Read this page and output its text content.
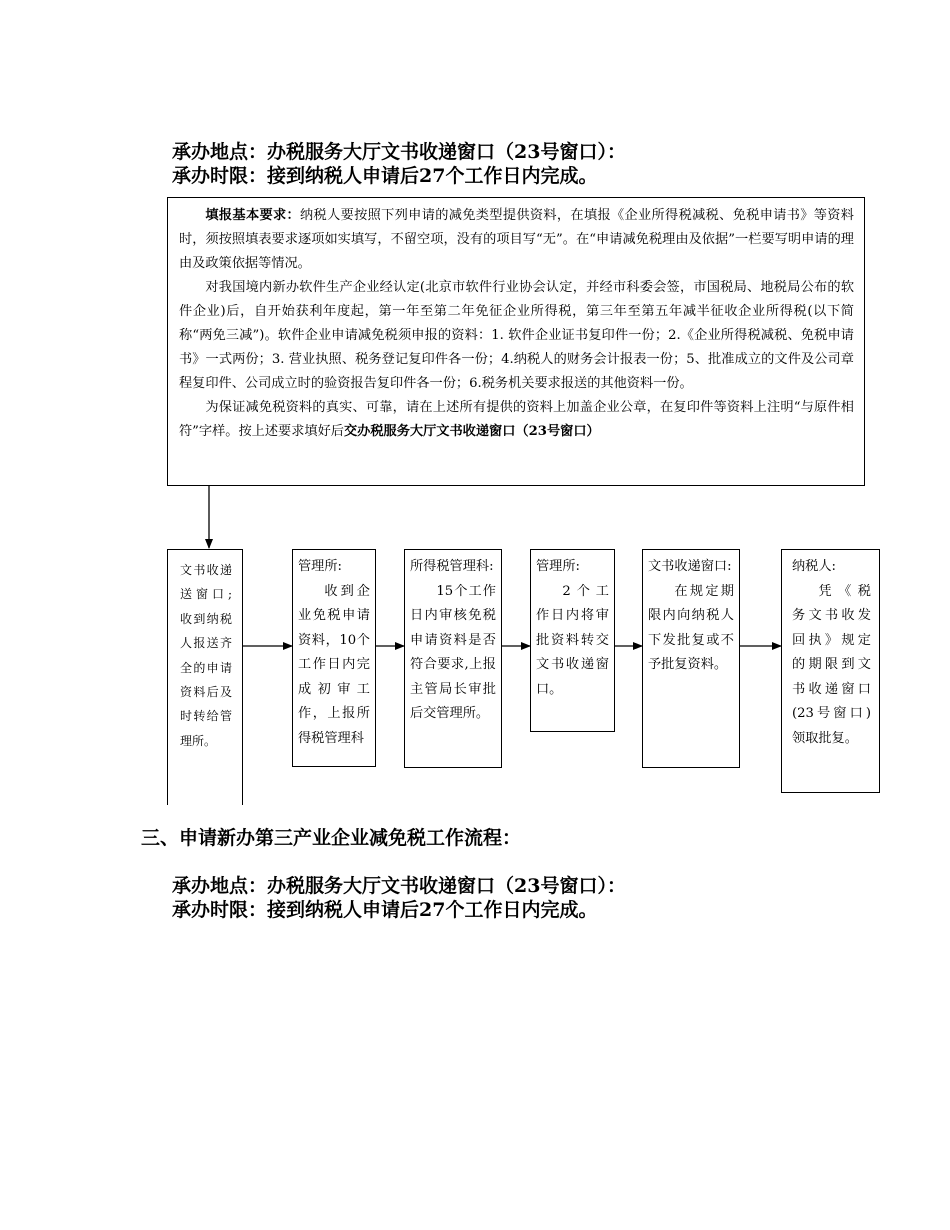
承办地点：办税服务大厅文书收递窗口（23号窗口）：
承办时限：接到纳税人申请后27个工作日内完成。

填报基本要求：纳税人要按照下列申请的减免类型提供资料，在填报《企业所得税减税、免税申请书》等资料时，须按照填表要求逐项如实填写，不留空项，没有的项目写“无”。在“申请减免税理由及依据”一栏要写明申请的理由及政策依据等情况。

对我国境内新办软件生产企业经认定(北京市软件行业协会认定，并经市科委会签，市国税局、地税局公布的软件企业)后，自开始获利年度起，第一年至第二年免征企业所得税，第三年至第五年减半征收企业所得税(以下简称“两免三减”)。软件企业申请减免税须申报的资料：1. 软件企业证书复印件一份；2.《企业所得税减税、免税申请书》一式两份；3. 营业执照、税务登记复印件各一份；4.纳税人的财务会计报表一份；5、批准成立的文件及公司章程复印件、公司成立时的验资报告复印件各一份；6.税务机关要求报送的其他资料一份。

为保证减免税资料的真实、可靠，请在上述所有提供的资料上加盖企业公章，在复印件等资料上注明“与原件相符”字样。按上述要求填好后交办税服务大厅文书收递窗口（23号窗口）

文书收递送窗口;收到纳税人报送齐全的申请资料后及时转给管理所。
管理所:
收到企业免税申请资料，10个工作日内完成初审工作，上报所得税管理科
所得税管理科:
15个工作日内审核免税申请资料是否符合要求,上报主管局长审批后交管理所。
管理所:
2个工作日内将审批资料转交文书收递窗口。
文书收递窗口:
在规定期限内向纳税人下发批复或不予批复资料。
纳税人:
凭《税务文书收发回执》规定的期限到文书收递窗口(23号窗口)领取批复。
三、申请新办第三产业企业减免税工作流程：
承办地点：办税服务大厅文书收递窗口（23号窗口）：
承办时限：接到纳税人申请后27个工作日内完成。
